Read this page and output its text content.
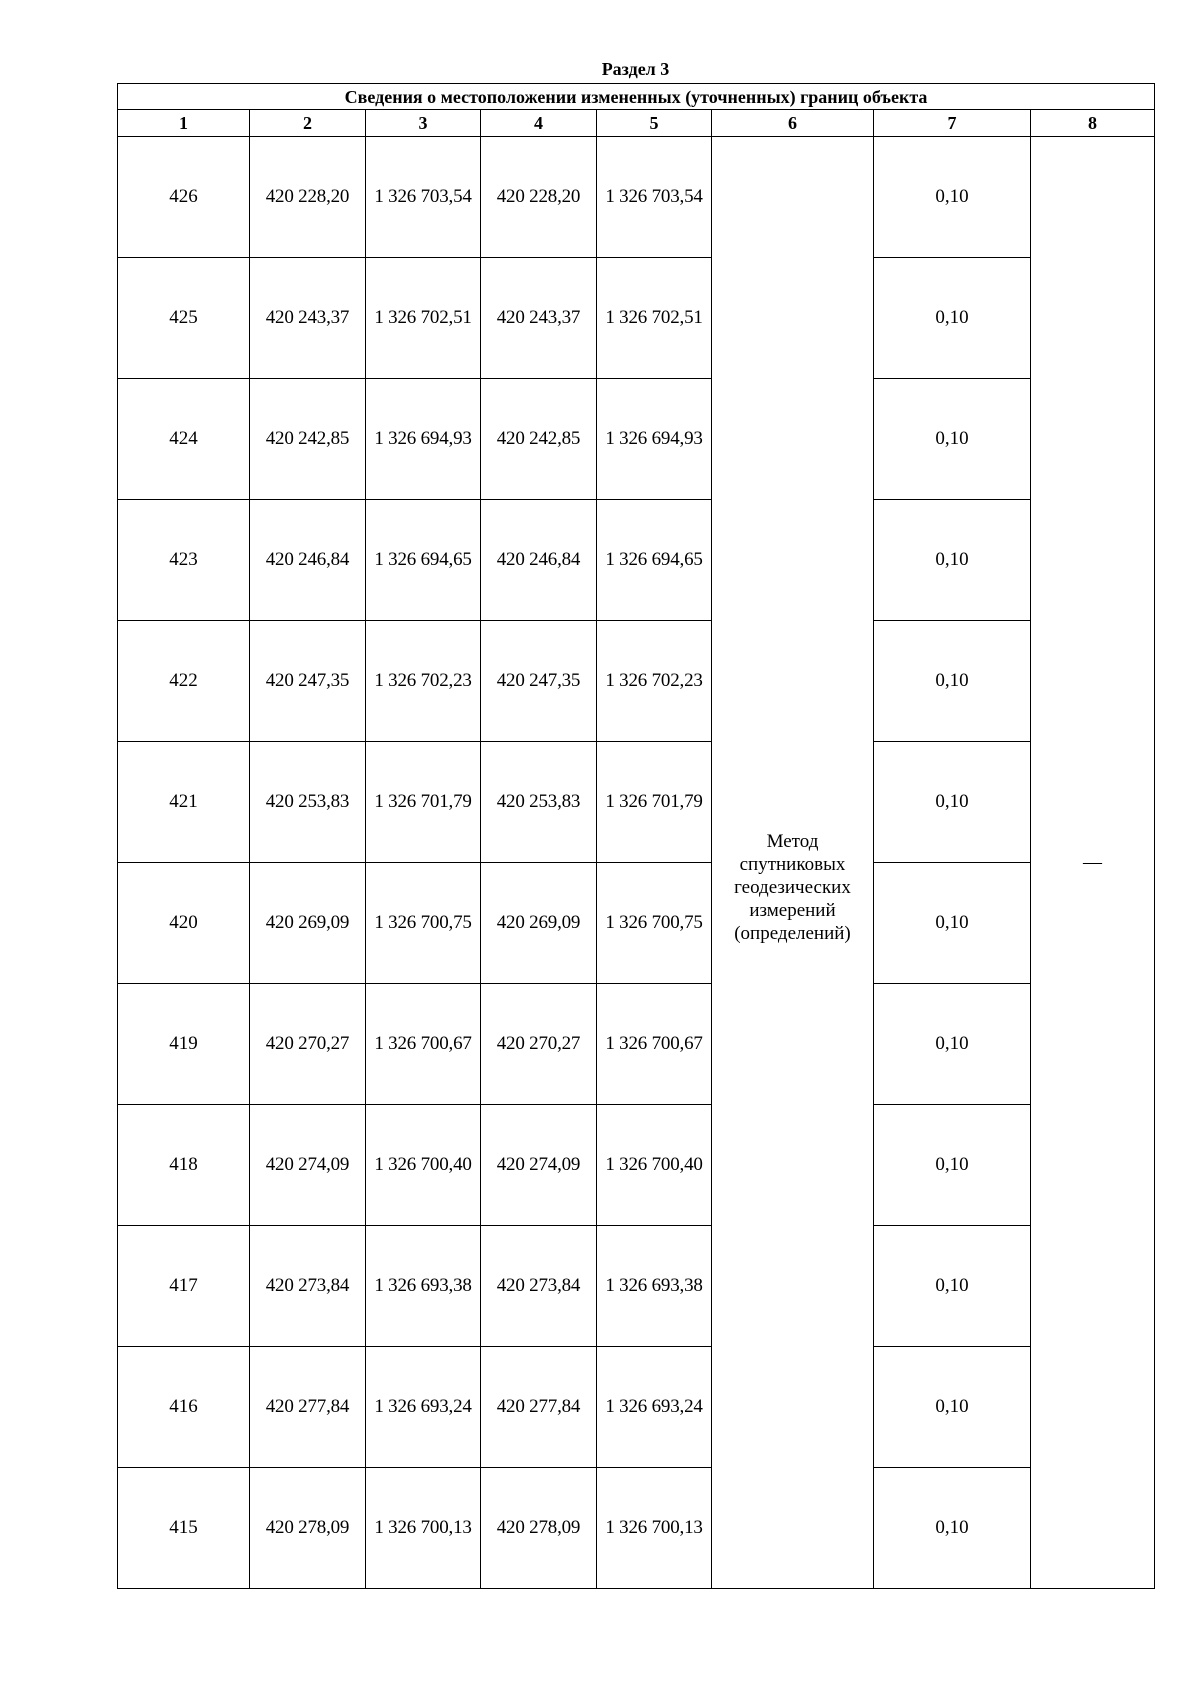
Раздел 3
Сведения о местоположении измененных (уточненных) границ объекта							
1	2	3	4	5	6	7	8
426	420 228,20	1 326 703,54	420 228,20	1 326 703,54	Метод
спутниковых
геодезических
измерений
(определений)	0,10	—
425	420 243,37	1 326 702,51	420 243,37	1 326 702,51		0,10	
424	420 242,85	1 326 694,93	420 242,85	1 326 694,93		0,10	
423	420 246,84	1 326 694,65	420 246,84	1 326 694,65		0,10	
422	420 247,35	1 326 702,23	420 247,35	1 326 702,23		0,10	
421	420 253,83	1 326 701,79	420 253,83	1 326 701,79		0,10	
420	420 269,09	1 326 700,75	420 269,09	1 326 700,75		0,10	
419	420 270,27	1 326 700,67	420 270,27	1 326 700,67		0,10	
418	420 274,09	1 326 700,40	420 274,09	1 326 700,40		0,10	
417	420 273,84	1 326 693,38	420 273,84	1 326 693,38		0,10	
416	420 277,84	1 326 693,24	420 277,84	1 326 693,24		0,10	
415	420 278,09	1 326 700,13	420 278,09	1 326 700,13		0,10	
